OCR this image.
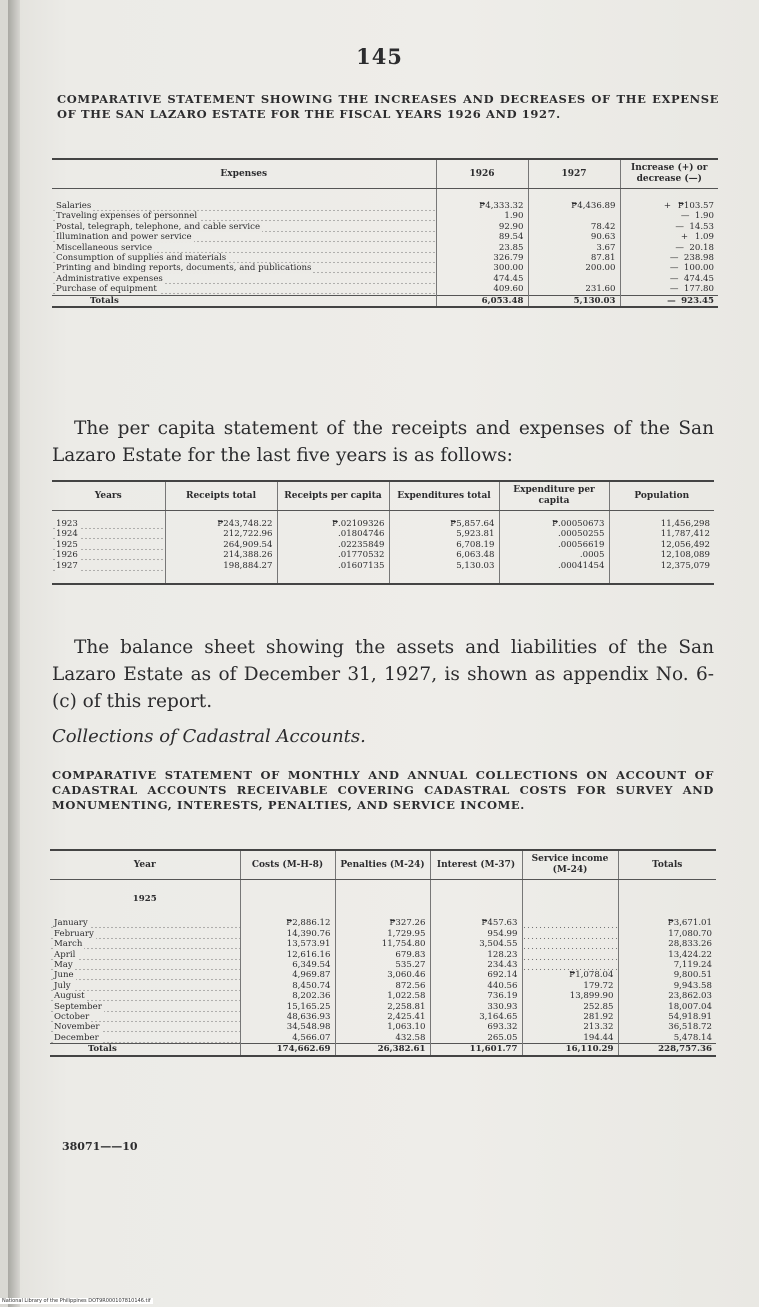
145
COMPARATIVE STATEMENT SHOWING THE INCREASES AND DECREASES OF THE EXPENSE OF THE SAN LAZARO ESTATE FOR THE FISCAL YEARS 1926 AND 1927.
Expenses	1926	1927	Increase (+) or decrease (—)

Salaries	₱4,333.32	₱4,436.89	+ ₱103.57
Traveling expenses of personnel	1.90		— 1.90
Postal, telegraph, telephone, and cable service	92.90	78.42	— 14.53
Illumination and power service	89.54	90.63	+ 1.09
Miscellaneous service	23.85	3.67	— 20.18
Consumption of supplies and materials	326.79	87.81	— 238.98
Printing and binding reports, documents, and publications	300.00	200.00	— 100.00
Administrative expenses	474.45		— 474.45
Purchase of equipment	409.60	231.60	— 177.80
Totals	6,053.48	5,130.03	— 923.45
The per capita statement of the receipts and expenses of the San Lazaro Estate for the last five years is as follows:
Years	Receipts total	Receipts per capita	Expenditures total	Expenditure per capita	Population

1923	₱243,748.22	₱.02109326	₱5,857.64	₱.00050673	11,456,298
1924	212,722.96	.01804746	5,923.81	.00050255	11,787,412
1925	264,909.54	.02235849	6,708.19	.00056619	12,056,492
1926	214,388.26	.01770532	6,063.48	.0005	12,108,089
1927	198,884.27	.01607135	5,130.03	.00041454	12,375,079

The balance sheet showing the assets and liabilities of the San Lazaro Estate as of December 31, 1927, is shown as appendix No. 6-(c) of this report.
Collections of Cadastral Accounts.
COMPARATIVE STATEMENT OF MONTHLY AND ANNUAL COLLECTIONS ON ACCOUNT OF CADASTRAL ACCOUNTS RECEIVABLE COVERING CADASTRAL COSTS FOR SURVEY AND MONUMENTING, INTERESTS, PENALTIES, AND SERVICE INCOME.
Year	Costs (M-H-8)	Penalties (M-24)	Interest (M-37)	Service income (M-24)	Totals
1925					
January	₱2,886.12	₱327.26	₱457.63		₱3,671.01
February	14,390.76	1,729.95	954.99		17,080.70
March	13,573.91	11,754.80	3,504.55		28,833.26
April	12,616.16	679.83	128.23		13,424.22
May	6,349.54	535.27	234.43		7,119.24
June	4,969.87	3,060.46	692.14	₱1,078.04	9,800.51
July	8,450.74	872.56	440.56	179.72	9,943.58
August	8,202.36	1,022.58	736.19	13,899.90	23,862.03
September	15,165.25	2,258.81	330.93	252.85	18,007.04
October	48,636.93	2,425.41	3,164.65	281.92	54,918.91
November	34,548.98	1,063.10	693.32	213.32	36,518.72
December	4,566.07	432.58	265.05	194.44	5,478.14
Totals	174,662.69	26,382.61	11,601.77	16,110.29	228,757.36
38071——10
National Library of the Philippines DOT9R000107810146.tif
